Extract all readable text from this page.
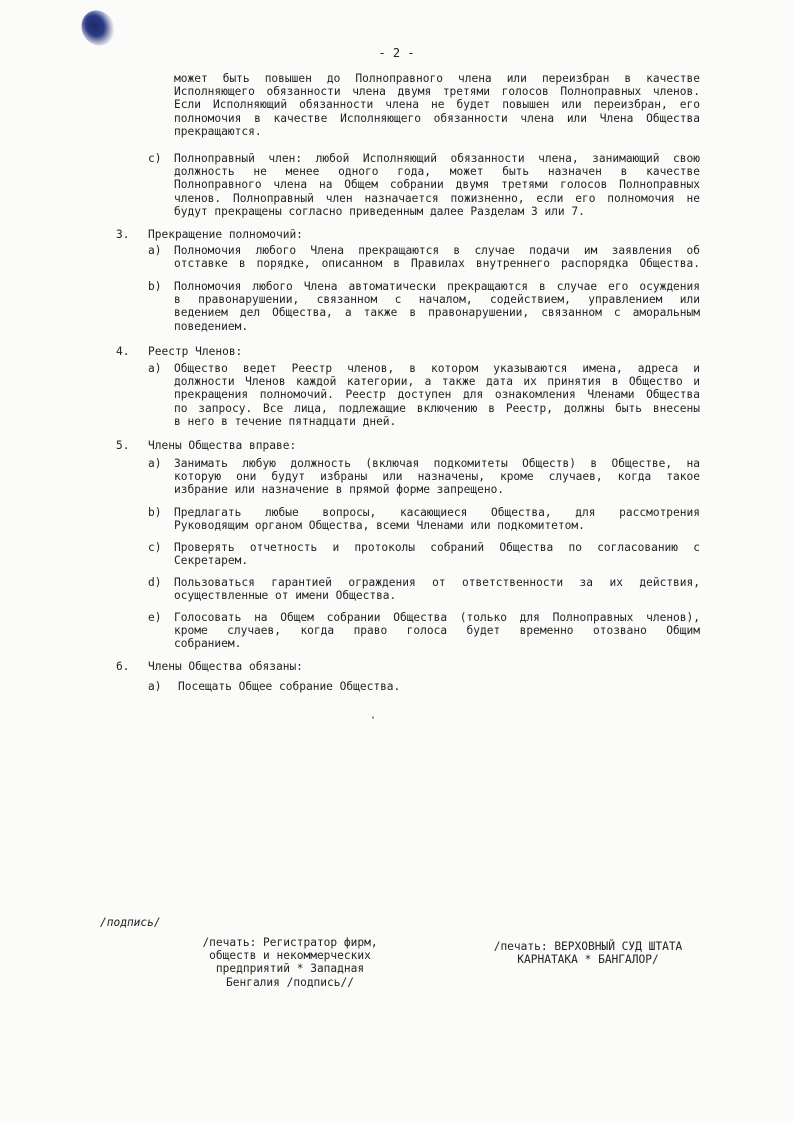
- 2 -
может быть повышен до Полноправного члена или переизбран в качестве
Исполняющего обязанности члена двумя третями голосов Полноправных членов.
Если Исполняющий обязанности члена не будет повышен или переизбран, его
полномочия в качестве Исполняющего обязанности члена или Члена Общества
прекращаются.
c) Полноправный член: любой Исполняющий обязанности члена, занимающий свою
должность не менее одного года, может быть назначен в качестве
Полноправного члена на Общем собрании двумя третями голосов Полноправных
членов. Полноправный член назначается пожизненно, если его полномочия не
будут прекращены согласно приведенным далее Разделам 3 или 7.
3. Прекращение полномочий:
a) Полномочия любого Члена прекращаются в случае подачи им заявления об
отставке в порядке, описанном в Правилах внутреннего распорядка Общества.
b) Полномочия любого Члена автоматически прекращаются в случае его осуждения
в правонарушении, связанном с началом, содействием, управлением или
ведением дел Общества, а также в правонарушении, связанном с аморальным
поведением.
4. Реестр Членов:
a) Общество ведет Реестр членов, в котором указываются имена, адреса и
должности Членов каждой категории, а также дата их принятия в Общество и
прекращения полномочий. Реестр доступен для ознакомления Членами Общества
по запросу. Все лица, подлежащие включению в Реестр, должны быть внесены
в него в течение пятнадцати дней.
5. Члены Общества вправе:
a) Занимать любую должность (включая подкомитеты Обществ) в Обществе, на
которую они будут избраны или назначены, кроме случаев, когда такое
избрание или назначение в прямой форме запрещено.
b) Предлагать любые вопросы, касающиеся Общества, для рассмотрения
Руководящим органом Общества, всеми Членами или подкомитетом.
c) Проверять отчетность и протоколы собраний Общества по согласованию с
Секретарем.
d) Пользоваться гарантией ограждения от ответственности за их действия,
осуществленные от имени Общества.
e) Голосовать на Общем собрании Общества (только для Полноправных членов),
кроме случаев, когда право голоса будет временно отозвано Общим
собранием.
6. Члены Общества обязаны:
a) Посещать Общее собрание Общества.
/подпись/
/печать: Регистратор фирм,
обществ и некоммерческих
предприятий * Западная
Бенгалия /подпись//
/печать: ВЕРХОВНЫЙ СУД ШТАТА
КАРНАТАКА * БАНГАЛОР/
